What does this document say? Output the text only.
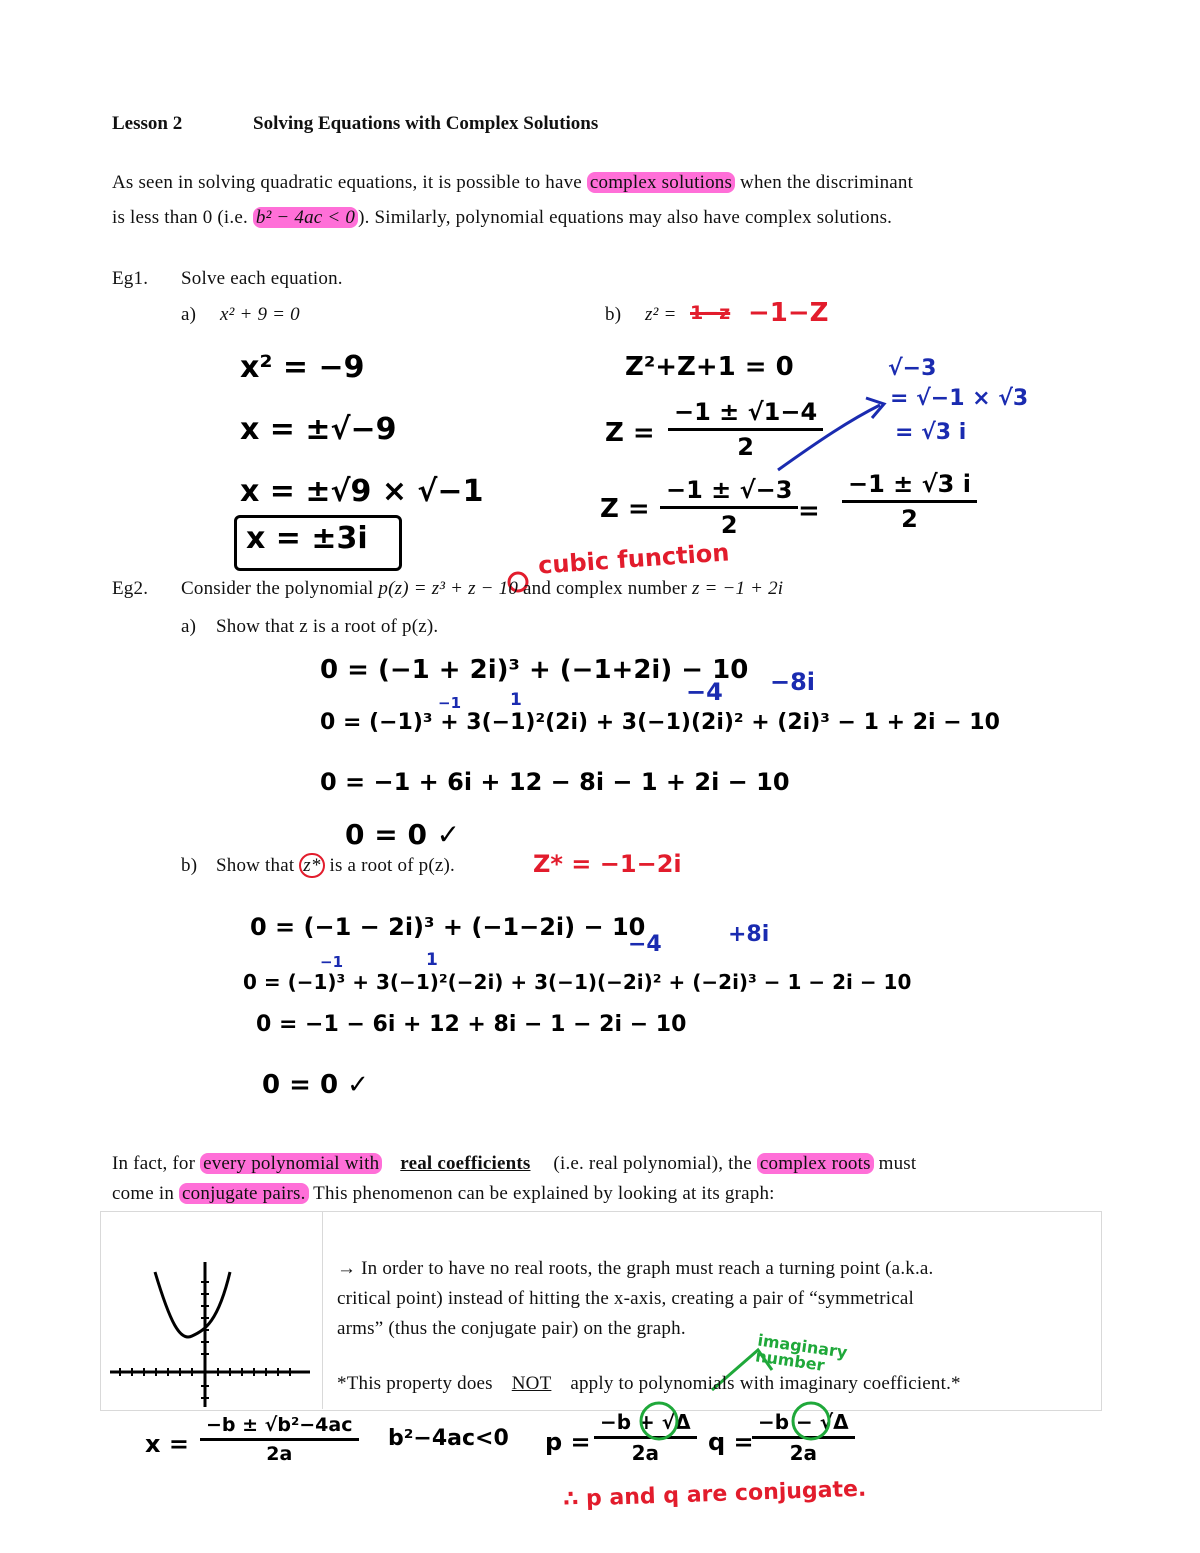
Lesson 2	Solving Equations with Complex Solutions
As seen in solving quadratic equations, it is possible to have complex solutions when the discriminant
is less than 0 (i.e. b² − 4ac < 0 ). Similarly, polynomial equations may also have complex solutions.
Eg1. Solve each equation.
a) x² + 9 = 0	b) z² = 1−z −1−Z
x² = −9
x = ±√−9
x = ±√9 × √−1
x = ±3i
Z²+Z+1 = 0
$Z = \frac{-1 \pm √1-4}{2}$
$Z = \frac{-1 \pm √-3}{2} = \frac{-1 \pm √3 i}{2}$
√−3
= √−1 × √3
= √3 i
cubic function
Eg2. Consider the polynomial p(z) = z³ + z − 10 and complex number z = −1 + 2i
a) Show that z is a root of p(z).
0 = (−1 + 2i)³ + (−1+2i) − 10
0 = (−1)³ + 3(−1)²(2i) + 3(−1)(2i)² + (2i)³ − 1 + 2i − 10
0 = −1 + 6i + 12 − 8i − 1 + 2i − 10
0 = 0 ✓
−1	1	−4 −8i
b) Show that z* is a root of p(z).	Z* = −1−2i
0 = (−1 − 2i)³ + (−1−2i) − 10
0 = (−1)³ + 3(−1)²(−2i) + 3(−1)(−2i)² + (−2i)³ − 1 − 2i − 10
0 = −1 − 6i + 12 + 8i − 1 − 2i − 10
0 = 0 ✓
−1	1
−4	+8i
In fact, for every polynomial with real coefficients (i.e. real polynomial), the complex roots must
come in conjugate pairs. This phenomenon can be explained by looking at its graph:
→ In order to have no real roots, the graph must reach a turning point (a.k.a.
critical point) instead of hitting the x-axis, creating a pair of “symmetrical
arms” (thus the conjugate pair) on the graph.
imaginary number
*This property does NOT apply to polynomials with imaginary coefficient.*
$x = \frac{\text{−b ± √b²−4ac}}{2a} b^2-4ac<0$ $p = \frac{-b + √\Delta}{2a}$ q =
$\frac{-b - √\Delta}{2a}$
∴ p and q are conjugate.
